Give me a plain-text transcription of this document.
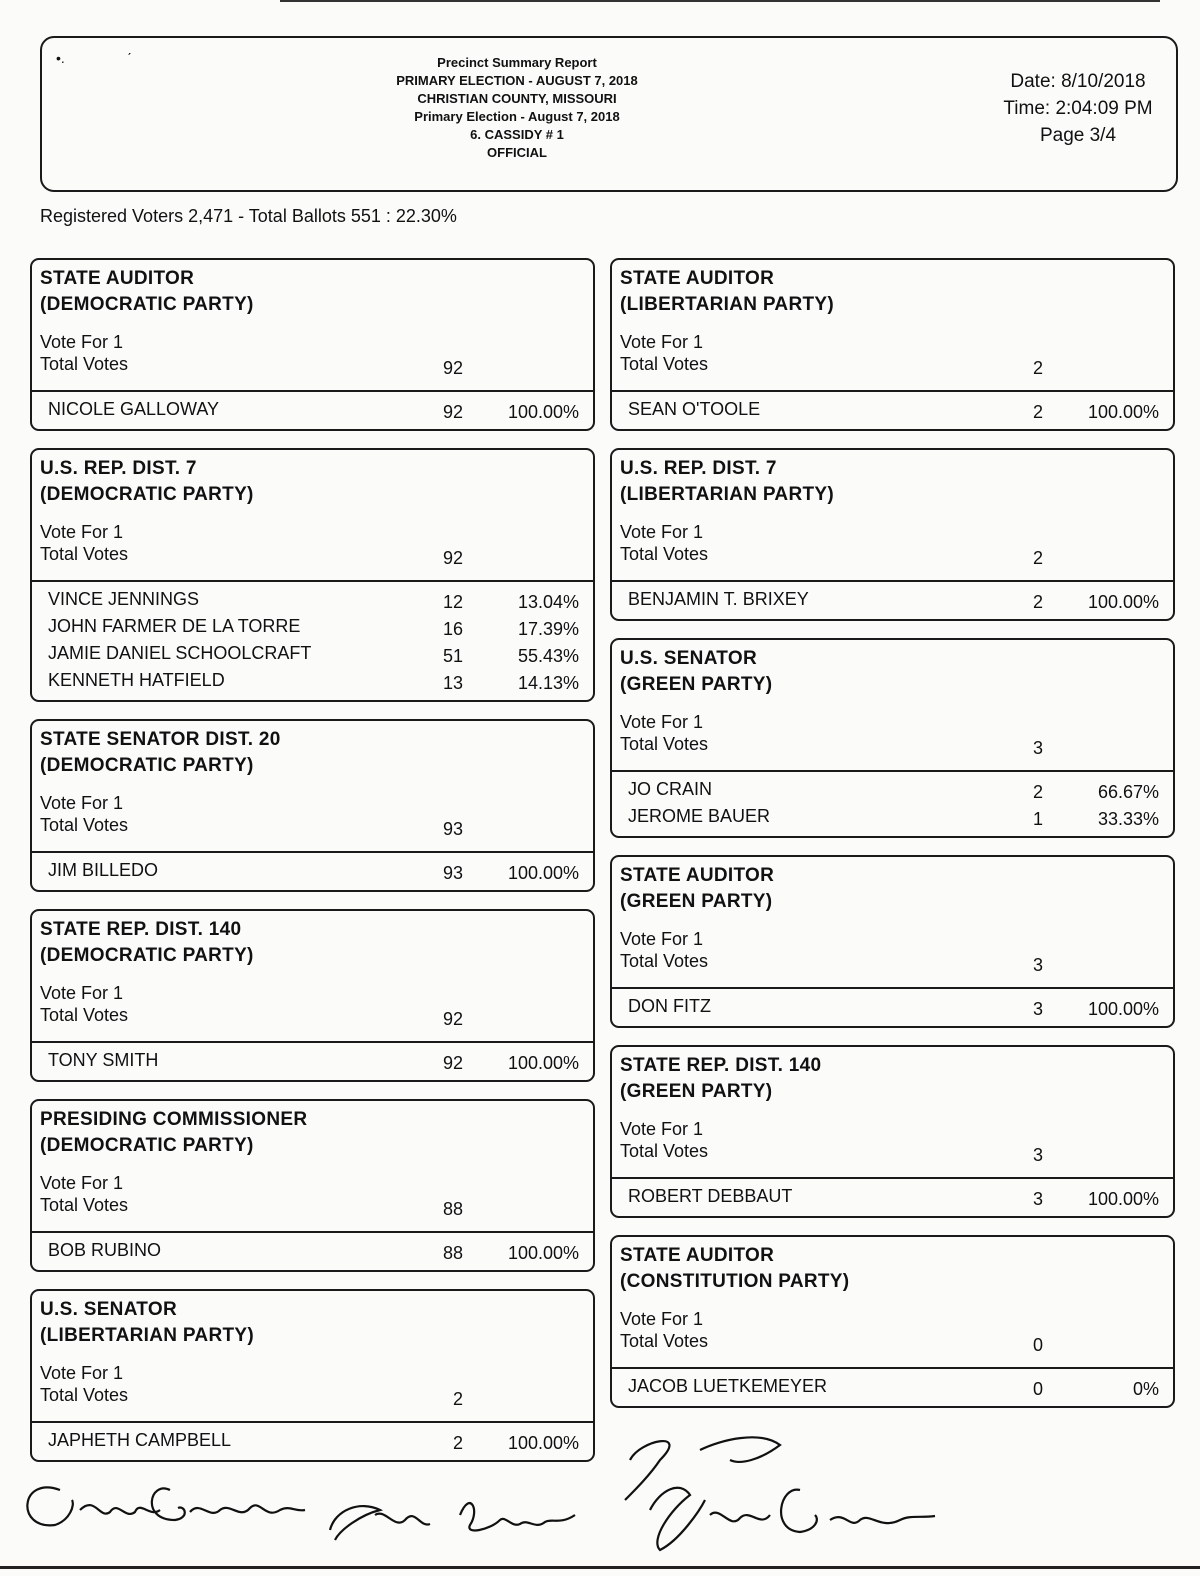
•.                ˊ	Precinct Summary Report
PRIMARY ELECTION - AUGUST 7, 2018
CHRISTIAN COUNTY, MISSOURI
Primary Election - August 7, 2018
6. CASSIDY # 1
OFFICIAL
Date: 8/10/2018
Time: 2:04:09 PM
Page 3/4
Registered Voters 2,471 - Total Ballots 551 : 22.30%
STATE AUDITOR
(DEMOCRATIC PARTY)
Vote For 1
Total Votes	92
NICOLE GALLOWAY	92	100.00%
U.S. REP. DIST. 7
(DEMOCRATIC PARTY)
Vote For 1
Total Votes	92
VINCE JENNINGS	12	13.04%
JOHN FARMER DE LA TORRE	16	17.39%
JAMIE DANIEL SCHOOLCRAFT	51	55.43%
KENNETH HATFIELD	13	14.13%
STATE SENATOR DIST. 20
(DEMOCRATIC PARTY)
Vote For 1
Total Votes	93
JIM BILLEDO	93	100.00%
STATE REP. DIST. 140
(DEMOCRATIC PARTY)
Vote For 1
Total Votes	92
TONY SMITH	92	100.00%
PRESIDING COMMISSIONER
(DEMOCRATIC PARTY)
Vote For 1
Total Votes	88
BOB RUBINO	88	100.00%
U.S. SENATOR
(LIBERTARIAN PARTY)
Vote For 1
Total Votes	2
JAPHETH CAMPBELL	2	100.00%
STATE AUDITOR
(LIBERTARIAN PARTY)
Vote For 1
Total Votes	2
SEAN O'TOOLE	2	100.00%
U.S. REP. DIST. 7
(LIBERTARIAN PARTY)
Vote For 1
Total Votes	2
BENJAMIN T. BRIXEY	2	100.00%
U.S. SENATOR
(GREEN PARTY)
Vote For 1
Total Votes	3
JO CRAIN	2	66.67%
JEROME BAUER	1	33.33%
STATE AUDITOR
(GREEN PARTY)
Vote For 1
Total Votes	3
DON FITZ	3	100.00%
STATE REP. DIST. 140
(GREEN PARTY)
Vote For 1
Total Votes	3
ROBERT DEBBAUT	3	100.00%
STATE AUDITOR
(CONSTITUTION PARTY)
Vote For 1
Total Votes	0
JACOB LUETKEMEYER	0	0%
